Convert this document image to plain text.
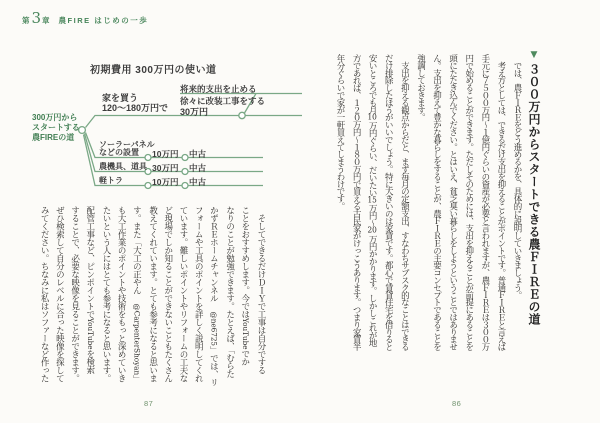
第 3 章 農FIRE はじめの一歩
初期費用 300万円の使い道
300万円から
スタートする
農FIREの道
家を買う
120〜180万円で
将来的支出を止める
徐々に改装工事をする
30万円
ソーラーパネル
などの設置	10万円 中古
農機具、道具 30万円 中古
軽トラ	10万円 中古
　そしてできるだけＤＩＹで工事は自分でする
ことをおすすめします。今ではYouTubeでか
なりのことが勉強できます。たとえば、「むらた
かずＲＥホームチャンネル @ne6725」では、リ
フォームや工具のポイントを詳しく説明してくれ
ています。難しいポイントやリフォームの工夫な
ど現場でしか知ることができないこともたくさん
教えてくれています。とても参考になると思いま
す。また「大工の正やん @CarpenterShoyan」
も大工作業のポイントや技術をもっと深めていき
たいという人にはとても参考になると思います。
配管工事など、ピンポイントでYouTubeを検索
することで、必要な映像を見ることができます。
ぜひ検索して自分のレベルに合った映像を探して
みてください。ちなみに私はソファーなど作った	　では、農ＦＩＲＥをどう進めるかを、具体的に説明していきましょう。
　考え方としては、できるだけ支出を抑えることがポイントです。普通ＦＩＲＥと言えば
手元に７５００万円〜１億円ぐらいの資産が必要と言われますが、農ＦＩＲＥは３００万
円で始めることができます。ただしそのためには、支出を抑えることが前提にあることを
頭にたたき込んでください。とはいえ、貧乏臭い暮らしをしようということではありませ
ん。支出を抑えて豊かな暮らしをすることが、農ＦＩＲＥの主要コンセプトであることを
強調しておきます。
　支出を抑える観点からだと、まず毎月の定額支出、すなわちサブスク的なことはできる
だけ排除したほうがいいでしょう。特に大きいのは家賃です。都心で賃貸住宅を借りると
安いところでも月10万円ぐらい、だいたい15万円〜20万円かかります。しかしこれが地
方であれば、１２０万円〜１８０万円で買える古民家がけっこうあります。つまり家賃半
年分ぐらいで家が一軒買えてしまうわけです。	▼３００万円からスタートできる農ＦＩＲＥの道
87	86
